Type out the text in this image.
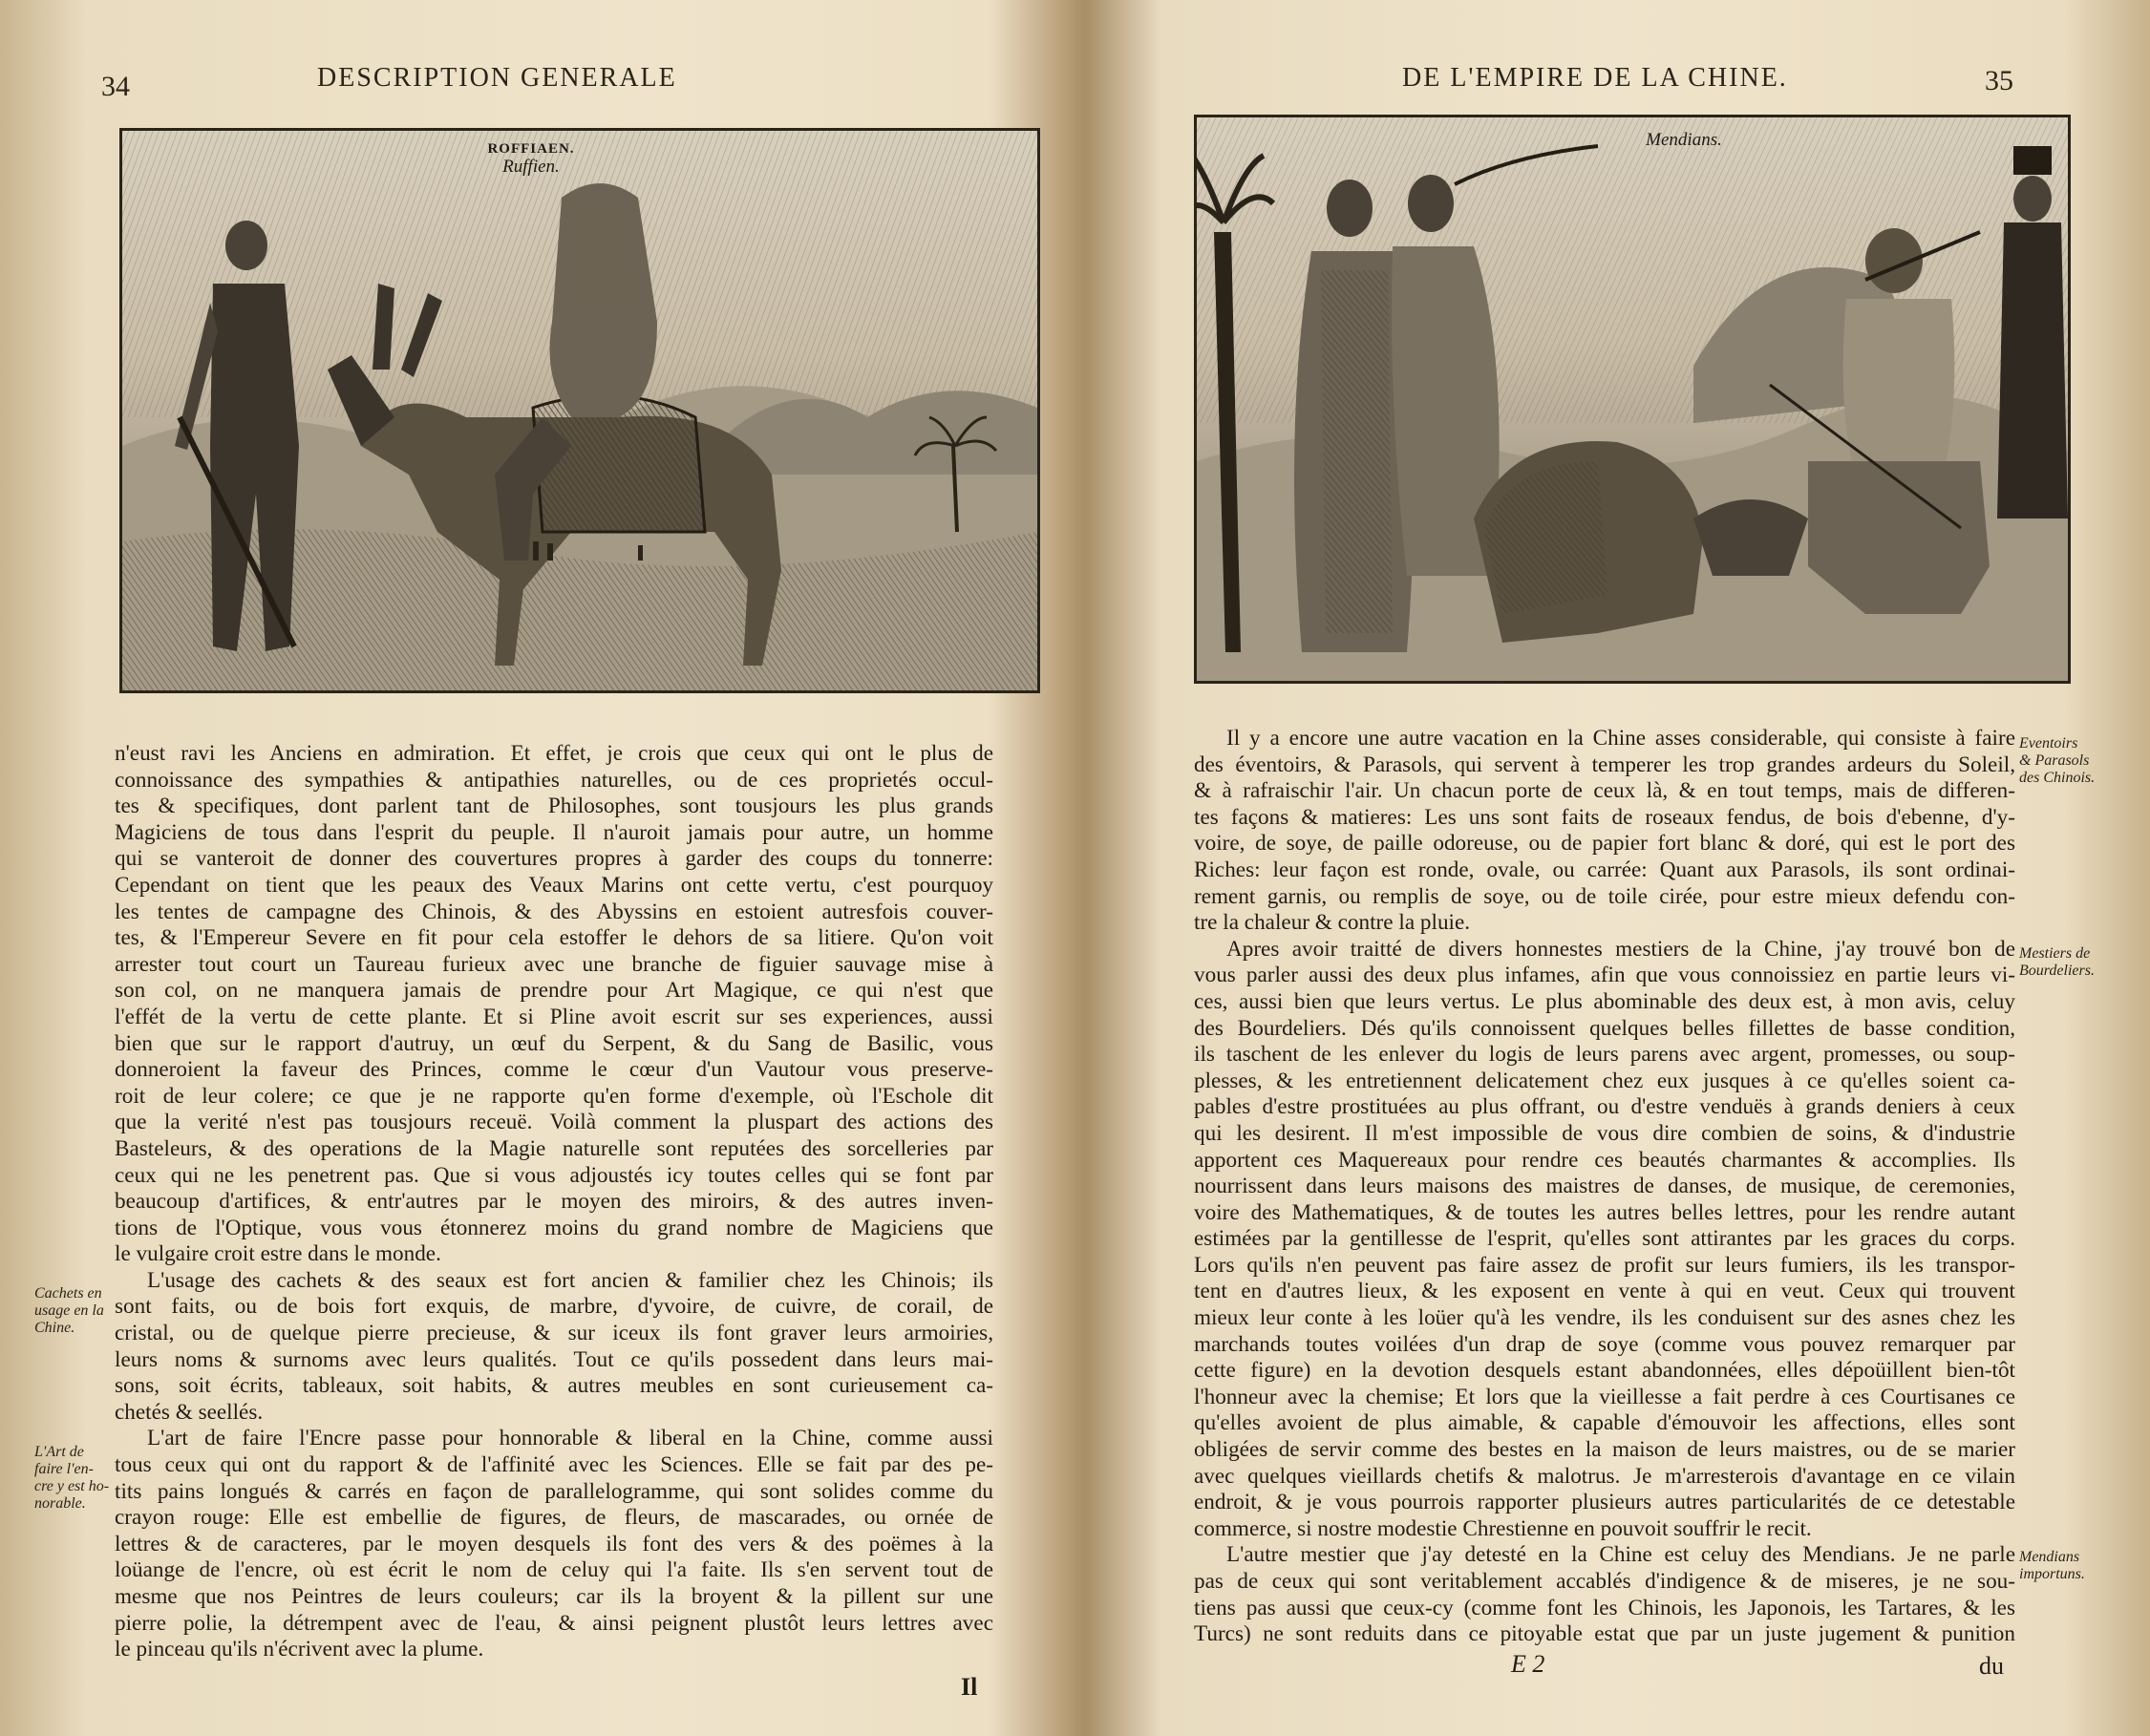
34	DESCRIPTION GENERALE
ROFFIAEN.
Ruffien.
n'eust ravi les Anciens en admiration. Et effet, je crois que ceux qui ont le plus de
connoissance des sympathies & antipathies naturelles, ou de ces proprietés occul-
tes & specifiques, dont parlent tant de Philosophes, sont tousjours les plus grands
Magiciens de tous dans l'esprit du peuple. Il n'auroit jamais pour autre, un homme
qui se vanteroit de donner des couvertures propres à garder des coups du tonnerre:
Cependant on tient que les peaux des Veaux Marins ont cette vertu, c'est pourquoy
les tentes de campagne des Chinois, & des Abyssins en estoient autresfois couver-
tes, & l'Empereur Severe en fit pour cela estoffer le dehors de sa litiere. Qu'on voit
arrester tout court un Taureau furieux avec une branche de figuier sauvage mise à
son col, on ne manquera jamais de prendre pour Art Magique, ce qui n'est que
l'effét de la vertu de cette plante. Et si Pline avoit escrit sur ses experiences, aussi
bien que sur le rapport d'autruy, un œuf du Serpent, & du Sang de Basilic, vous
donneroient la faveur des Princes, comme le cœur d'un Vautour vous preserve-
roit de leur colere; ce que je ne rapporte qu'en forme d'exemple, où l'Eschole dit
que la verité n'est pas tousjours receuë. Voilà comment la pluspart des actions des
Basteleurs, & des operations de la Magie naturelle sont reputées des sorcelleries par
ceux qui ne les penetrent pas. Que si vous adjoustés icy toutes celles qui se font par
beaucoup d'artifices, & entr'autres par le moyen des miroirs, & des autres inven-
tions de l'Optique, vous vous étonnerez moins du grand nombre de Magiciens que
le vulgaire croit estre dans le monde.
L'usage des cachets & des seaux est fort ancien & familier chez les Chinois; ils
sont faits, ou de bois fort exquis, de marbre, d'yvoire, de cuivre, de corail, de
cristal, ou de quelque pierre precieuse, & sur iceux ils font graver leurs armoiries,
leurs noms & surnoms avec leurs qualités. Tout ce qu'ils possedent dans leurs mai-
sons, soit écrits, tableaux, soit habits, & autres meubles en sont curieusement ca-
chetés & seellés.
L'art de faire l'Encre passe pour honnorable & liberal en la Chine, comme aussi
tous ceux qui ont du rapport & de l'affinité avec les Sciences. Elle se fait par des pe-
tits pains longués & carrés en façon de parallelogramme, qui sont solides comme du
crayon rouge: Elle est embellie de figures, de fleurs, de mascarades, ou ornée de
lettres & de caracteres, par le moyen desquels ils font des vers & des poëmes à la
loüange de l'encre, où est écrit le nom de celuy qui l'a faite. Ils s'en servent tout de
mesme que nos Peintres de leurs couleurs; car ils la broyent & la pillent sur une
pierre polie, la détrempent avec de l'eau, & ainsi peignent plustôt leurs lettres avec
le pinceau qu'ils n'écrivent avec la plume.
Cachets en
usage en la
Chine.
L'Art de
faire l'en-
cre y est ho-
norable.
Il
DE L'EMPIRE DE LA CHINE.	35
Mendians.
Il y a encore une autre vacation en la Chine asses considerable, qui consiste à faire
des éventoirs, & Parasols, qui servent à temperer les trop grandes ardeurs du Soleil,
& à rafraischir l'air. Un chacun porte de ceux là, & en tout temps, mais de differen-
tes façons & matieres: Les uns sont faits de roseaux fendus, de bois d'ebenne, d'y-
voire, de soye, de paille odoreuse, ou de papier fort blanc & doré, qui est le port des
Riches: leur façon est ronde, ovale, ou carrée: Quant aux Parasols, ils sont ordinai-
rement garnis, ou remplis de soye, ou de toile cirée, pour estre mieux defendu con-
tre la chaleur & contre la pluie.
Apres avoir traitté de divers honnestes mestiers de la Chine, j'ay trouvé bon de
vous parler aussi des deux plus infames, afin que vous connoissiez en partie leurs vi-
ces, aussi bien que leurs vertus. Le plus abominable des deux est, à mon avis, celuy
des Bourdeliers. Dés qu'ils connoissent quelques belles fillettes de basse condition,
ils taschent de les enlever du logis de leurs parens avec argent, promesses, ou soup-
plesses, & les entretiennent delicatement chez eux jusques à ce qu'elles soient ca-
pables d'estre prostituées au plus offrant, ou d'estre venduës à grands deniers à ceux
qui les desirent. Il m'est impossible de vous dire combien de soins, & d'industrie
apportent ces Maquereaux pour rendre ces beautés charmantes & accomplies. Ils
nourrissent dans leurs maisons des maistres de danses, de musique, de ceremonies,
voire des Mathematiques, & de toutes les autres belles lettres, pour les rendre autant
estimées par la gentillesse de l'esprit, qu'elles sont attirantes par les graces du corps.
Lors qu'ils n'en peuvent pas faire assez de profit sur leurs fumiers, ils les transpor-
tent en d'autres lieux, & les exposent en vente à qui en veut. Ceux qui trouvent
mieux leur conte à les loüer qu'à les vendre, ils les conduisent sur des asnes chez les
marchands toutes voilées d'un drap de soye (comme vous pouvez remarquer par
cette figure) en la devotion desquels estant abandonnées, elles dépoüillent bien-tôt
l'honneur avec la chemise; Et lors que la vieillesse a fait perdre à ces Courtisanes ce
qu'elles avoient de plus aimable, & capable d'émouvoir les affections, elles sont
obligées de servir comme des bestes en la maison de leurs maistres, ou de se marier
avec quelques vieillards chetifs & malotrus. Je m'arresterois d'avantage en ce vilain
endroit, & je vous pourrois rapporter plusieurs autres particularités de ce detestable
commerce, si nostre modestie Chrestienne en pouvoit souffrir le recit.
L'autre mestier que j'ay detesté en la Chine est celuy des Mendians. Je ne parle
pas de ceux qui sont veritablement accablés d'indigence & de miseres, je ne sou-
tiens pas aussi que ceux-cy (comme font les Chinois, les Japonois, les Tartares, & les
Turcs) ne sont reduits dans ce pitoyable estat que par un juste jugement & punition
Eventoirs
& Parasols
des Chinois.
Mestiers de
Bourdeliers.
Mendians
importuns.
E 2	du
